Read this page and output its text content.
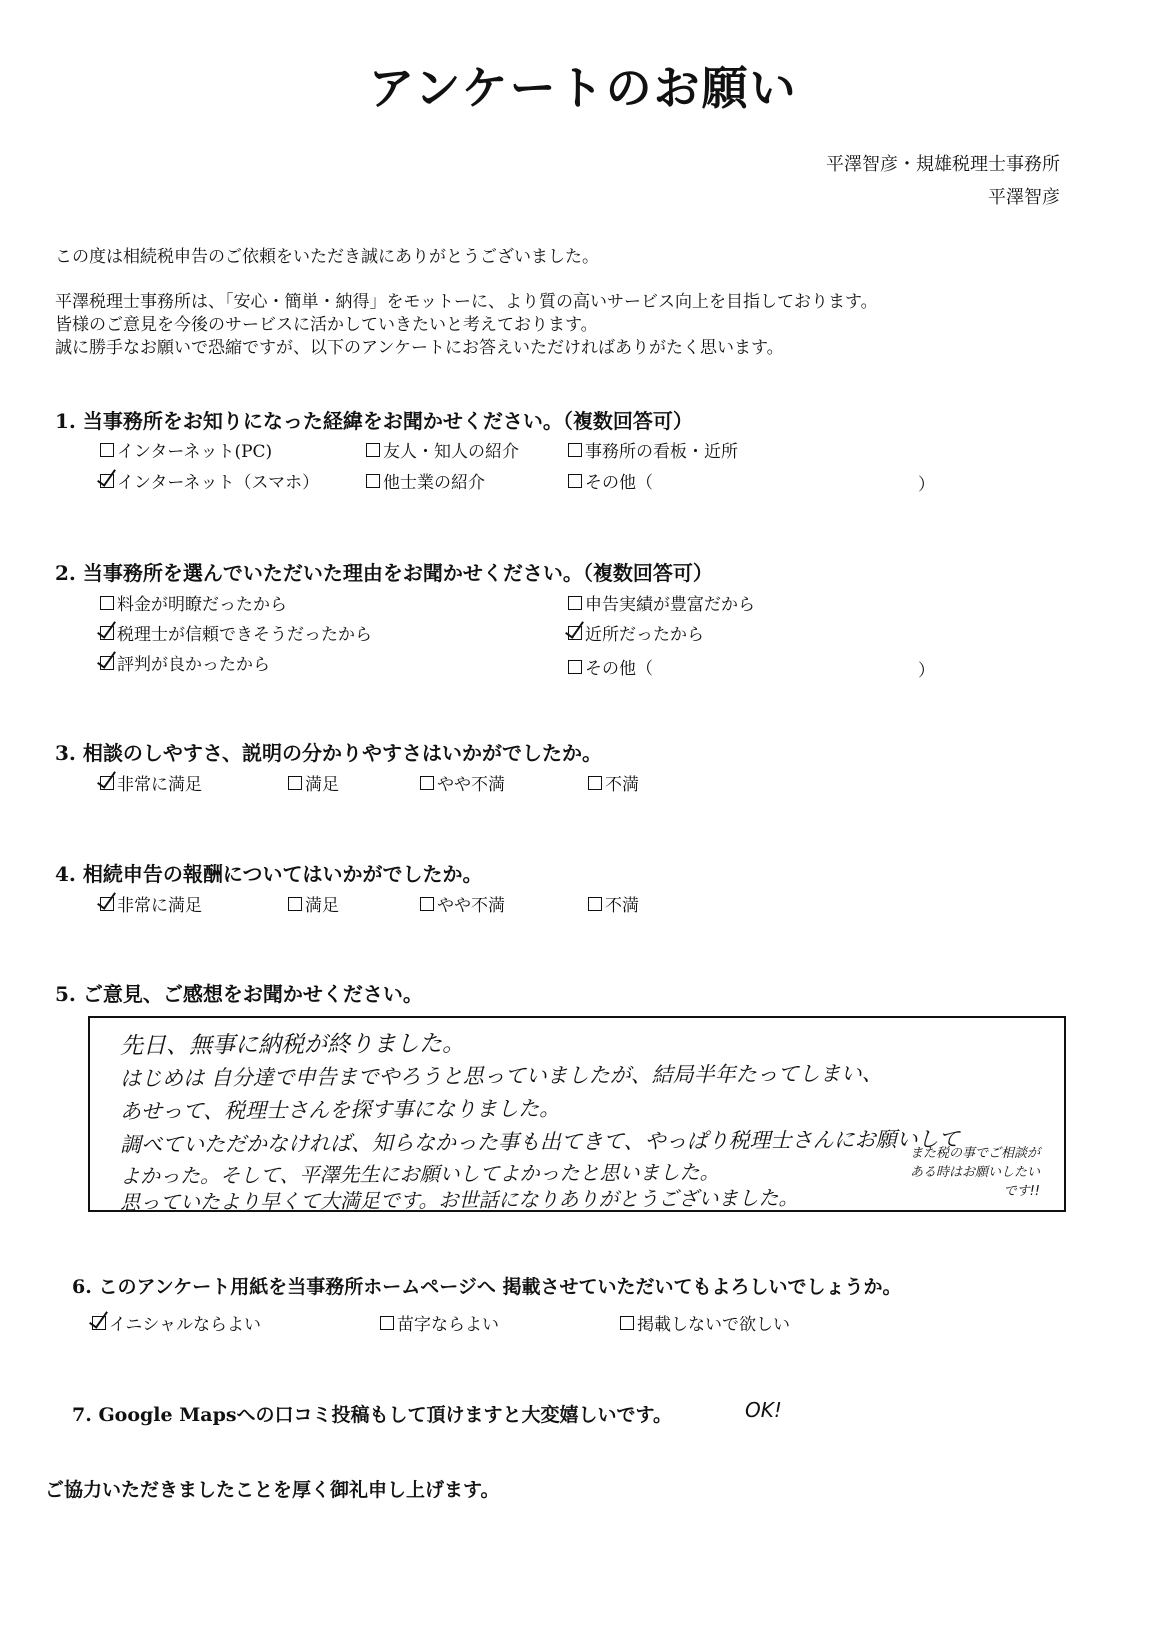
アンケートのお願い
平澤智彦・規雄税理士事務所
平澤智彦
この度は相続税申告のご依頼をいただき誠にありがとうございました。
平澤税理士事務所は、「安心・簡単・納得」をモットーに、より質の高いサービス向上を目指しております。
皆様のご意見を今後のサービスに活かしていきたいと考えております。
誠に勝手なお願いで恐縮ですが、以下のアンケートにお答えいただければありがたく思います。
1. 当事務所をお知りになった経緯をお聞かせください。（複数回答可）
インターネット(PC)	友人・知人の紹介	事務所の看板・近所
インターネット（スマホ）	他士業の紹介	その他（	）
2. 当事務所を選んでいただいた理由をお聞かせください。（複数回答可）
料金が明瞭だったから	申告実績が豊富だから
税理士が信頼できそうだったから	近所だったから
評判が良かったから	その他（	）
3. 相談のしやすさ、説明の分かりやすさはいかがでしたか。
非常に満足	満足	やや不満	不満
4. 相続申告の報酬についてはいかがでしたか。
非常に満足	満足	やや不満	不満
5. ご意見、ご感想をお聞かせください。
先日、無事に納税が終りました。
はじめは 自分達で申告までやろうと思っていましたが、結局半年たってしまい、
あせって、税理士さんを探す事になりました。
調べていただかなければ、知らなかった事も出てきて、やっぱり税理士さんにお願いして
よかった。そして、平澤先生にお願いしてよかったと思いました。
思っていたより早くて大満足です。お世話になりありがとうございました。
また税の事でご相談が
ある時はお願いしたい
です!!
6. このアンケート用紙を当事務所ホームページへ 掲載させていただいてもよろしいでしょうか。
イニシャルならよい	苗字ならよい	掲載しないで欲しい
7. Google Mapsへの口コミ投稿もして頂けますと大変嬉しいです。	OK!
ご協力いただきましたことを厚く御礼申し上げます。
